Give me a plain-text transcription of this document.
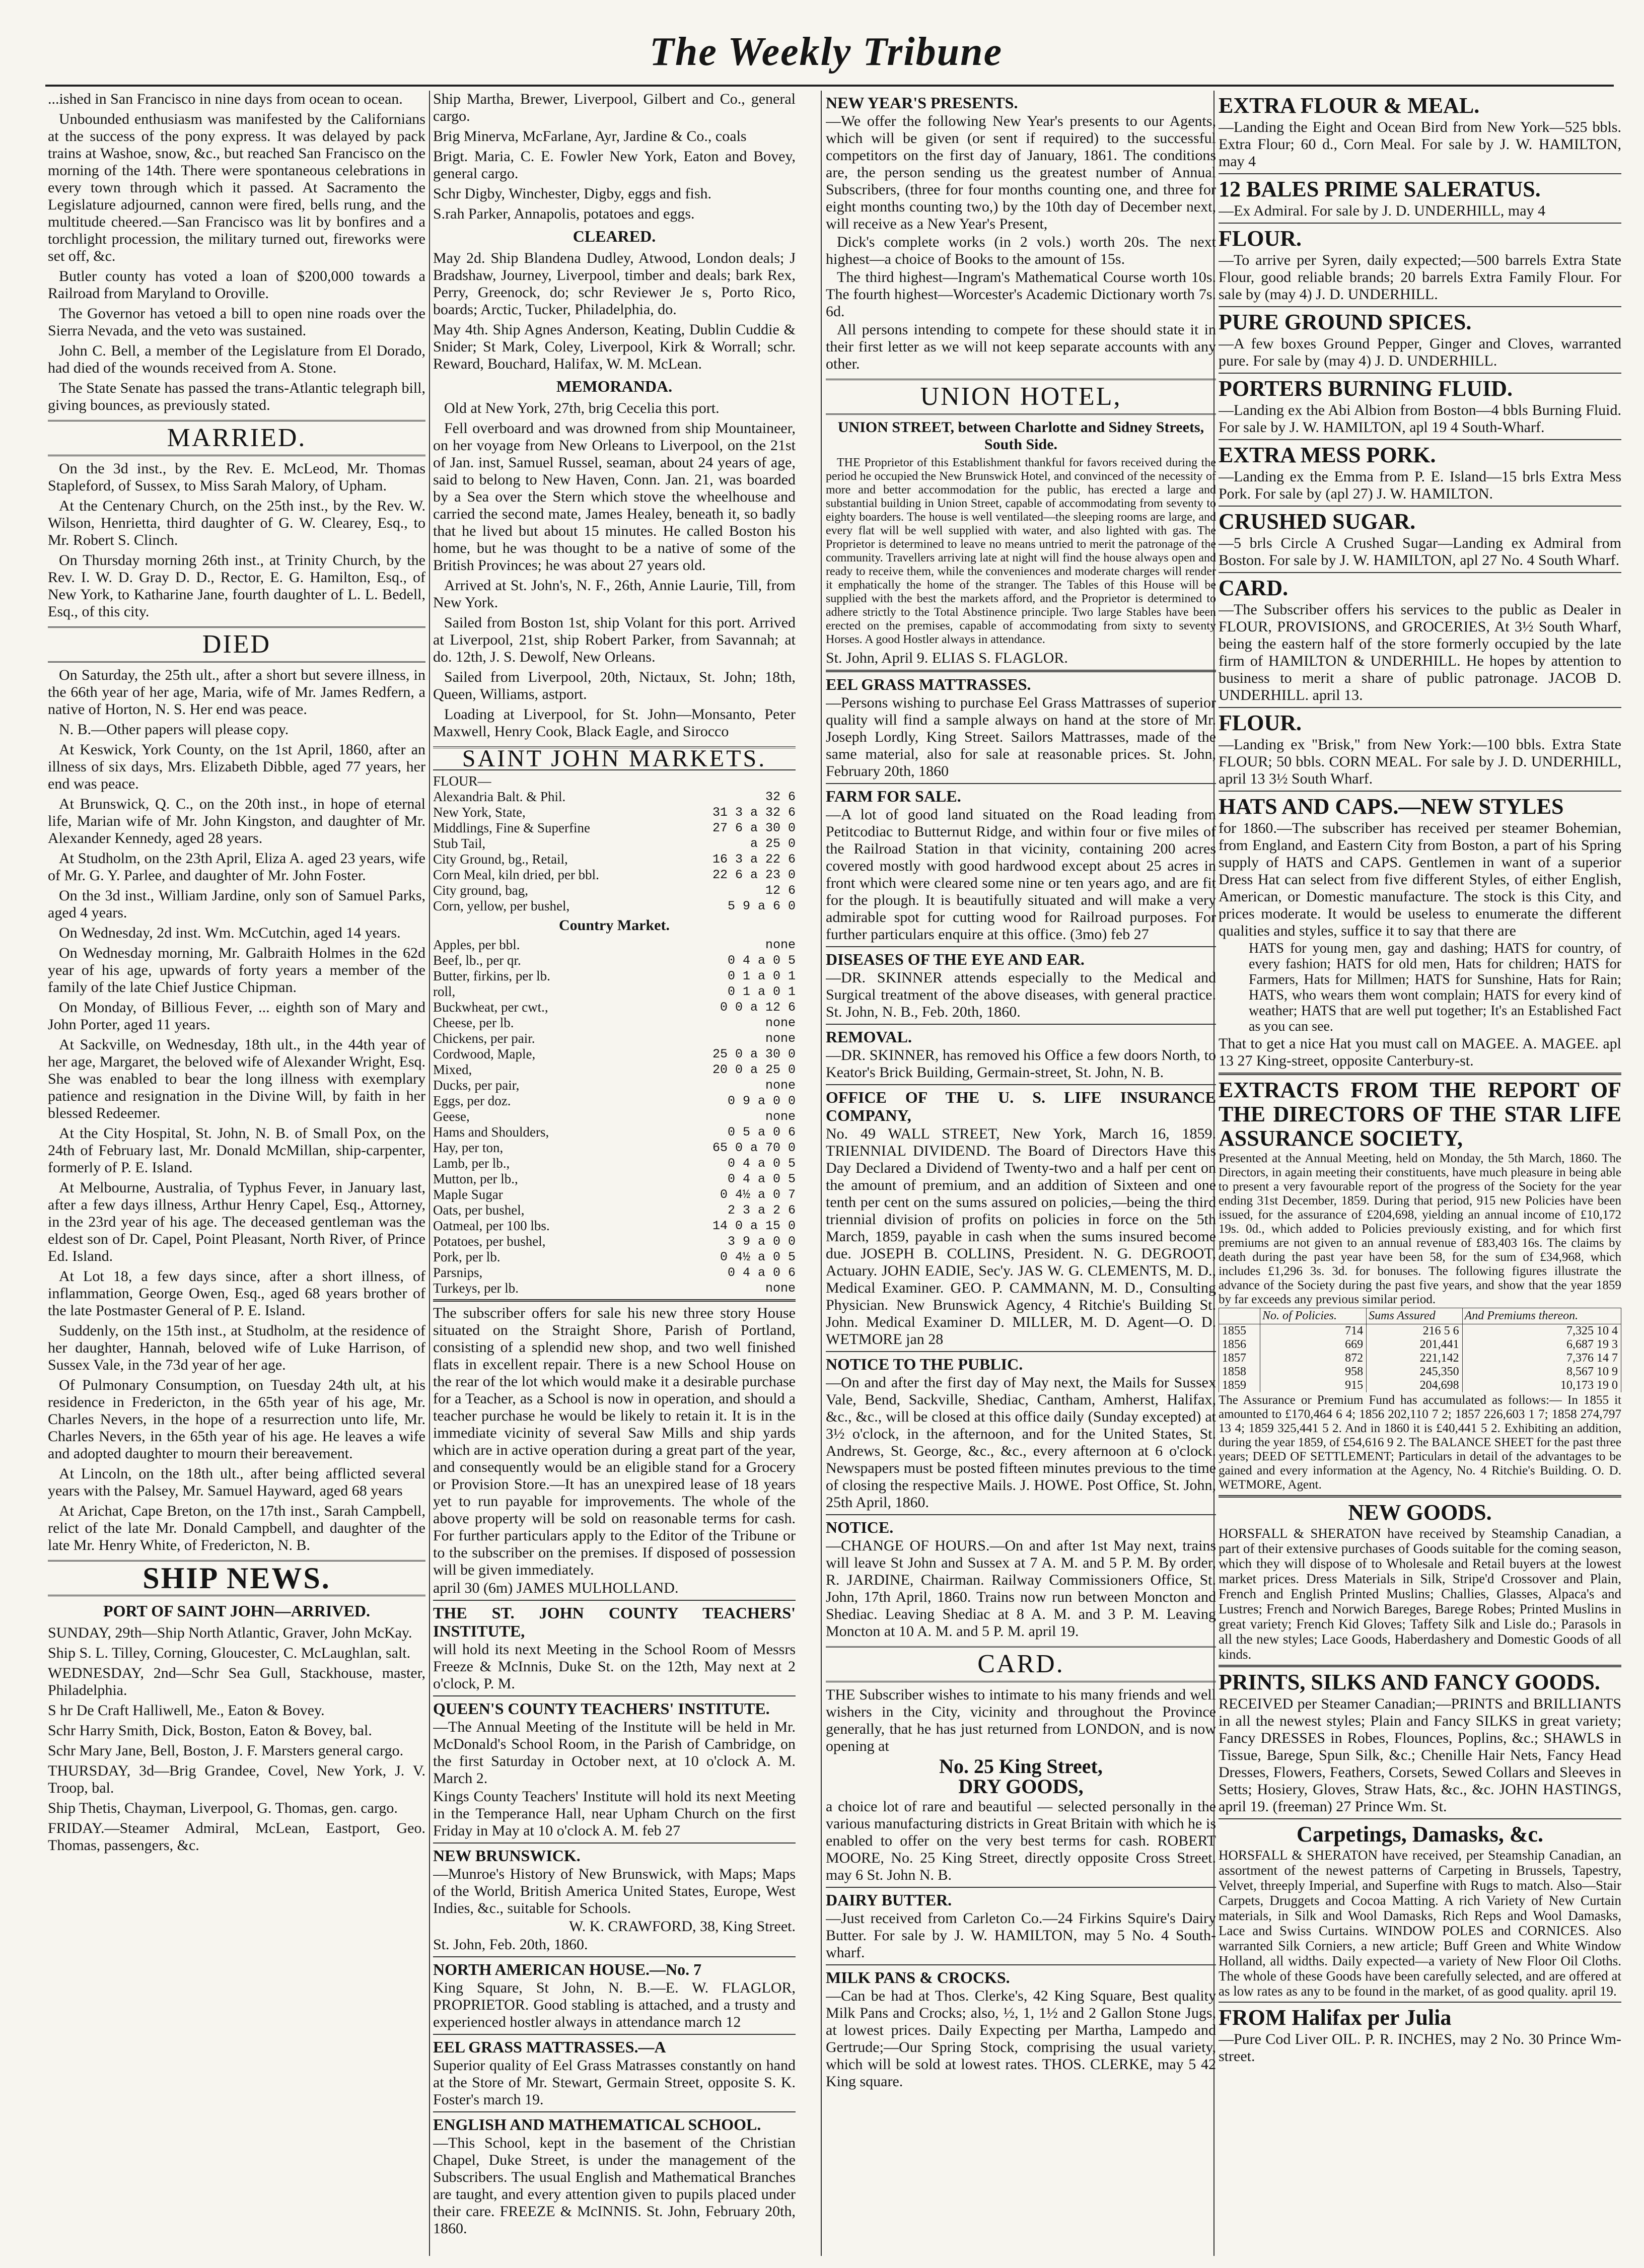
The Weekly Tribune

...ished in San Francisco in nine days from ocean to ocean.

Unbounded enthusiasm was manifested by the Californians at the success of the pony express. It was delayed by pack trains at Washoe, snow, &c., but reached San Francisco on the morning of the 14th. There were spontaneous celebrations in every town through which it passed. At Sacramento the Legislature adjourned, cannon were fired, bells rung, and the multitude cheered.—San Francisco was lit by bonfires and a torchlight procession, the military turned out, fireworks were set off, &c.

Butler county has voted a loan of $200,000 towards a Railroad from Maryland to Oroville.

The Governor has vetoed a bill to open nine roads over the Sierra Nevada, and the veto was sustained.

John C. Bell, a member of the Legislature from El Dorado, had died of the wounds received from A. Stone.

The State Senate has passed the trans-Atlantic telegraph bill, giving bounces, as previously stated.

MARRIED.

On the 3d inst., by the Rev. E. McLeod, Mr. Thomas Stapleford, of Sussex, to Miss Sarah Malory, of Upham.

At the Centenary Church, on the 25th inst., by the Rev. W. Wilson, Henrietta, third daughter of G. W. Clearey, Esq., to Mr. Robert S. Clinch.

On Thursday morning 26th inst., at Trinity Church, by the Rev. I. W. D. Gray D. D., Rector, E. G. Hamilton, Esq., of New York, to Katharine Jane, fourth daughter of L. L. Bedell, Esq., of this city.

DIED

On Saturday, the 25th ult., after a short but severe illness, in the 66th year of her age, Maria, wife of Mr. James Redfern, a native of Horton, N. S. Her end was peace.

N. B.—Other papers will please copy.

At Keswick, York County, on the 1st April, 1860, after an illness of six days, Mrs. Elizabeth Dibble, aged 77 years, her end was peace.

At Brunswick, Q. C., on the 20th inst., in hope of eternal life, Marian wife of Mr. John Kingston, and daughter of Mr. Alexander Kennedy, aged 28 years.

At Studholm, on the 23th April, Eliza A. aged 23 years, wife of Mr. G. Y. Parlee, and daughter of Mr. John Foster.

On the 3d inst., William Jardine, only son of Samuel Parks, aged 4 years.

On Wednesday, 2d inst. Wm. McCutchin, aged 14 years.

On Wednesday morning, Mr. Galbraith Holmes in the 62d year of his age, upwards of forty years a member of the family of the late Chief Justice Chipman.

On Monday, of Billious Fever, ... eighth son of Mary and John Porter, aged 11 years.

At Sackville, on Wednesday, 18th ult., in the 44th year of her age, Margaret, the beloved wife of Alexander Wright, Esq. She was enabled to bear the long illness with exemplary patience and resignation in the Divine Will, by faith in her blessed Redeemer.

At the City Hospital, St. John, N. B. of Small Pox, on the 24th of February last, Mr. Donald McMillan, ship-carpenter, formerly of P. E. Island.

At Melbourne, Australia, of Typhus Fever, in January last, after a few days illness, Arthur Henry Capel, Esq., Attorney, in the 23rd year of his age. The deceased gentleman was the eldest son of Dr. Capel, Point Pleasant, North River, of Prince Ed. Island.

At Lot 18, a few days since, after a short illness, of inflammation, George Owen, Esq., aged 68 years brother of the late Postmaster General of P. E. Island.

Suddenly, on the 15th inst., at Studholm, at the residence of her daughter, Hannah, beloved wife of Luke Harrison, of Sussex Vale, in the 73d year of her age.

Of Pulmonary Consumption, on Tuesday 24th ult, at his residence in Fredericton, in the 65th year of his age, Mr. Charles Nevers, in the hope of a resurrection unto life, Mr. Charles Nevers, in the 65th year of his age. He leaves a wife and adopted daughter to mourn their bereavement.

At Lincoln, on the 18th ult., after being afflicted several years with the Palsey, Mr. Samuel Hayward, aged 68 years

At Arichat, Cape Breton, on the 17th inst., Sarah Campbell, relict of the late Mr. Donald Campbell, and daughter of the late Mr. Henry White, of Fredericton, N. B.

SHIP NEWS.
PORT OF SAINT JOHN—ARRIVED.

SUNDAY, 29th—Ship North Atlantic, Graver, John McKay.

Ship S. L. Tilley, Corning, Gloucester, C. McLaughlan, salt.

WEDNESDAY, 2nd—Schr Sea Gull, Stackhouse, master, Philadelphia.

S hr De Craft Halliwell, Me., Eaton & Bovey.

Schr Harry Smith, Dick, Boston, Eaton & Bovey, bal.

Schr Mary Jane, Bell, Boston, J. F. Marsters general cargo.

THURSDAY, 3d—Brig Grandee, Covel, New York, J. V. Troop, bal.

Ship Thetis, Chayman, Liverpool, G. Thomas, gen. cargo.

FRIDAY.—Steamer Admiral, McLean, Eastport, Geo. Thomas, passengers, &c.

Ship Martha, Brewer, Liverpool, Gilbert and Co., general cargo.

Brig Minerva, McFarlane, Ayr, Jardine & Co., coals

Brigt. Maria, C. E. Fowler New York, Eaton and Bovey, general cargo.

Schr Digby, Winchester, Digby, eggs and fish.

S.rah Parker, Annapolis, potatoes and eggs.

CLEARED.

May 2d. Ship Blandena Dudley, Atwood, London deals; J Bradshaw, Journey, Liverpool, timber and deals; bark Rex, Perry, Greenock, do; schr Reviewer Je s, Porto Rico, boards; Arctic, Tucker, Philadelphia, do.

May 4th. Ship Agnes Anderson, Keating, Dublin Cuddie & Snider; St Mark, Coley, Liverpool, Kirk & Worrall; schr. Reward, Bouchard, Halifax, W. M. McLean.

MEMORANDA.

Old at New York, 27th, brig Cecelia this port.

Fell overboard and was drowned from ship Mountaineer, on her voyage from New Orleans to Liverpool, on the 21st of Jan. inst, Samuel Russel, seaman, about 24 years of age, said to belong to New Haven, Conn. Jan. 21, was boarded by a Sea over the Stern which stove the wheelhouse and carried the second mate, James Healey, beneath it, so badly that he lived but about 15 minutes. He called Boston his home, but he was thought to be a native of some of the British Provinces; he was about 27 years old.

Arrived at St. John's, N. F., 26th, Annie Laurie, Till, from New York.

Sailed from Boston 1st, ship Volant for this port. Arrived at Liverpool, 21st, ship Robert Parker, from Savannah; at do. 12th, J. S. Dewolf, New Orleans.

Sailed from Liverpool, 20th, Nictaux, St. John; 18th, Queen, Williams, astport.

Loading at Liverpool, for St. John—Monsanto, Peter Maxwell, Henry Cook, Black Eagle, and Sirocco

SAINT JOHN MARKETS.
FLOUR—
Alexandria Balt. & Phil.	32 6
New York, State,	31 3 a 32 6
Middlings, Fine & Superfine	27 6 a 30 0
Stub Tail,	a 25 0
City Ground, bg., Retail,	16 3 a 22 6
Corn Meal, kiln dried, per bbl.	22 6 a 23 0
City ground, bag,	12 6
Corn, yellow, per bushel,	5 9 a 6 0
Country Market.
Apples, per bbl.	none
Beef, lb., per qr.	0 4 a 0 5
Butter, firkins, per lb.	0 1 a 0 1
roll,	0 1 a 0 1
Buckwheat, per cwt.,	0 0 a 12 6
Cheese, per lb.	none
Chickens, per pair.	none
Cordwood, Maple,	25 0 a 30 0
Mixed,	20 0 a 25 0
Ducks, per pair,	none
Eggs, per doz.	0 9 a 0 0
Geese,	none
Hams and Shoulders,	0 5 a 0 6
Hay, per ton,	65 0 a 70 0
Lamb, per lb.,	0 4 a 0 5
Mutton, per lb.,	0 4 a 0 5
Maple Sugar	0 4½ a 0 7
Oats, per bushel,	2 3 a 2 6
Oatmeal, per 100 lbs.	14 0 a 15 0
Potatoes, per bushel,	3 9 a 0 0
Pork, per lb.	0 4½ a 0 5
Parsnips,	0 4 a 0 6
Turkeys, per lb.	none

The subscriber offers for sale his new three story House situated on the Straight Shore, Parish of Portland, consisting of a splendid new shop, and two well finished flats in excellent repair. There is a new School House on the rear of the lot which would make it a desirable purchase for a Teacher, as a School is now in operation, and should a teacher purchase he would be likely to retain it. It is in the immediate vicinity of several Saw Mills and ship yards which are in active operation during a great part of the year, and consequently would be an eligible stand for a Grocery or Provision Store.—It has an unexpired lease of 18 years yet to run payable for improvements. The whole of the above property will be sold on reasonable terms for cash. For further particulars apply to the Editor of the Tribune or to the subscriber on the premises. If disposed of possession will be given immediately.

april 30 (6m) JAMES MULHOLLAND.

THE ST. JOHN COUNTY TEACHERS' INSTITUTE,

will hold its next Meeting in the School Room of Messrs Freeze & McInnis, Duke St. on the 12th, May next at 2 o'clock, P. M.

QUEEN'S COUNTY TEACHERS' INSTITUTE.

—The Annual Meeting of the Institute will be held in Mr. McDonald's School Room, in the Parish of Cambridge, on the first Saturday in October next, at 10 o'clock A. M. March 2.

Kings County Teachers' Institute will hold its next Meeting in the Temperance Hall, near Upham Church on the first Friday in May at 10 o'clock A. M. feb 27

NEW BRUNSWICK.

—Munroe's History of New Brunswick, with Maps; Maps of the World, British America United States, Europe, West Indies, &c., suitable for Schools.

W. K. CRAWFORD, 38, King Street.

St. John, Feb. 20th, 1860.

NORTH AMERICAN HOUSE.—No. 7

King Square, St John, N. B.—E. W. FLAGLOR, PROPRIETOR. Good stabling is attached, and a trusty and experienced hostler always in attendance march 12

EEL GRASS MATTRASSES.—A

Superior quality of Eel Grass Matrasses constantly on hand at the Store of Mr. Stewart, Germain Street, opposite S. K. Foster's march 19.

ENGLISH AND MATHEMATICAL SCHOOL.

—This School, kept in the basement of the Christian Chapel, Duke Street, is under the management of the Subscribers. The usual English and Mathematical Branches are taught, and every attention given to pupils placed under their care. FREEZE & McINNIS. St. John, February 20th, 1860.

NEW YEAR'S PRESENTS.

—We offer the following New Year's presents to our Agents, which will be given (or sent if required) to the successful competitors on the first day of January, 1861. The conditions are, the person sending us the greatest number of Annual Subscribers, (three for four months counting one, and three for eight months counting two,) by the 10th day of December next, will receive as a New Year's Present,

Dick's complete works (in 2 vols.) worth 20s. The next highest—a choice of Books to the amount of 15s.

The third highest—Ingram's Mathematical Course worth 10s. The fourth highest—Worcester's Academic Dictionary worth 7s. 6d.

All persons intending to compete for these should state it in their first letter as we will not keep separate accounts with any other.

UNION HOTEL,
UNION STREET, between Charlotte and Sidney Streets, South Side.

THE Proprietor of this Establishment thankful for favors received during the period he occupied the New Brunswick Hotel, and convinced of the necessity of more and better accommodation for the public, has erected a large and substantial building in Union Street, capable of accommodating from seventy to eighty boarders. The house is well ventilated—the sleeping rooms are large, and every flat will be well supplied with water, and also lighted with gas. The Proprietor is determined to leave no means untried to merit the patronage of the community. Travellers arriving late at night will find the house always open and ready to receive them, while the conveniences and moderate charges will render it emphatically the home of the stranger. The Tables of this House will be supplied with the best the markets afford, and the Proprietor is determined to adhere strictly to the Total Abstinence principle. Two large Stables have been erected on the premises, capable of accommodating from sixty to seventy Horses. A good Hostler always in attendance.

St. John, April 9. ELIAS S. FLAGLOR.

EEL GRASS MATTRASSES.

—Persons wishing to purchase Eel Grass Mattrasses of superior quality will find a sample always on hand at the store of Mr. Joseph Lordly, King Street. Sailors Mattrasses, made of the same material, also for sale at reasonable prices. St. John, February 20th, 1860

FARM FOR SALE.

—A lot of good land situated on the Road leading from Petitcodiac to Butternut Ridge, and within four or five miles of the Railroad Station in that vicinity, containing 200 acres covered mostly with good hardwood except about 25 acres in front which were cleared some nine or ten years ago, and are fit for the plough. It is beautifully situated and will make a very admirable spot for cutting wood for Railroad purposes. For further particulars enquire at this office. (3mo) feb 27

DISEASES OF THE EYE AND EAR.

—DR. SKINNER attends especially to the Medical and Surgical treatment of the above diseases, with general practice. St. John, N. B., Feb. 20th, 1860.

REMOVAL.

—DR. SKINNER, has removed his Office a few doors North, to Keator's Brick Building, Germain-street, St. John, N. B.

OFFICE OF THE U. S. LIFE INSURANCE COMPANY,

No. 49 WALL STREET, New York, March 16, 1859. TRIENNIAL DIVIDEND. The Board of Directors Have this Day Declared a Dividend of Twenty-two and a half per cent on the amount of premium, and an addition of Sixteen and one tenth per cent on the sums assured on policies,—being the third triennial division of profits on policies in force on the 5th March, 1859, payable in cash when the sums insured become due. JOSEPH B. COLLINS, President. N. G. DEGROOT, Actuary. JOHN EADIE, Sec'y. JAS W. G. CLEMENTS, M. D., Medical Examiner. GEO. P. CAMMANN, M. D., Consulting Physician. New Brunswick Agency, 4 Ritchie's Building St. John. Medical Examiner D. MILLER, M. D. Agent—O. D. WETMORE jan 28

NOTICE TO THE PUBLIC.

—On and after the first day of May next, the Mails for Sussex Vale, Bend, Sackville, Shediac, Cantham, Amherst, Halifax, &c., &c., will be closed at this office daily (Sunday excepted) at 3½ o'clock, in the afternoon, and for the United States, St. Andrews, St. George, &c., &c., every afternoon at 6 o'clock. Newspapers must be posted fifteen minutes previous to the time of closing the respective Mails. J. HOWE. Post Office, St. John, 25th April, 1860.

NOTICE.

—CHANGE OF HOURS.—On and after 1st May next, trains will leave St John and Sussex at 7 A. M. and 5 P. M. By order, R. JARDINE, Chairman. Railway Commissioners Office, St. John, 17th April, 1860. Trains now run between Moncton and Shediac. Leaving Shediac at 8 A. M. and 3 P. M. Leaving Moncton at 10 A. M. and 5 P. M. april 19.

CARD.

THE Subscriber wishes to intimate to his many friends and well wishers in the City, vicinity and throughout the Province generally, that he has just returned from LONDON, and is now opening at

No. 25 King Street,
DRY GOODS,

a choice lot of rare and beautiful — selected personally in the various manufacturing districts in Great Britain with which he is enabled to offer on the very best terms for cash. ROBERT MOORE, No. 25 King Street, directly opposite Cross Street. may 6 St. John N. B.

DAIRY BUTTER.

—Just received from Carleton Co.—24 Firkins Squire's Dairy Butter. For sale by J. W. HAMILTON, may 5 No. 4 South-wharf.

MILK PANS & CROCKS.

—Can be had at Thos. Clerke's, 42 King Square, Best quality Milk Pans and Crocks; also, ½, 1, 1½ and 2 Gallon Stone Jugs, at lowest prices. Daily Expecting per Martha, Lampedo and Gertrude;—Our Spring Stock, comprising the usual variety, which will be sold at lowest rates. THOS. CLERKE, may 5 42 King square.

EXTRA FLOUR & MEAL.

—Landing the Eight and Ocean Bird from New York—525 bbls. Extra Flour; 60 d., Corn Meal. For sale by J. W. HAMILTON, may 4

12 BALES PRIME SALERATUS.

—Ex Admiral. For sale by J. D. UNDERHILL, may 4

FLOUR.

—To arrive per Syren, daily expected;—500 barrels Extra State Flour, good reliable brands; 20 barrels Extra Family Flour. For sale by (may 4) J. D. UNDERHILL.

PURE GROUND SPICES.

—A few boxes Ground Pepper, Ginger and Cloves, warranted pure. For sale by (may 4) J. D. UNDERHILL.

PORTERS BURNING FLUID.

—Landing ex the Abi Albion from Boston—4 bbls Burning Fluid. For sale by J. W. HAMILTON, apl 19 4 South-Wharf.

EXTRA MESS PORK.

—Landing ex the Emma from P. E. Island—15 brls Extra Mess Pork. For sale by (apl 27) J. W. HAMILTON.

CRUSHED SUGAR.

—5 brls Circle A Crushed Sugar—Landing ex Admiral from Boston. For sale by J. W. HAMILTON, apl 27 No. 4 South Wharf.

CARD.

—The Subscriber offers his services to the public as Dealer in FLOUR, PROVISIONS, and GROCERIES, At 3½ South Wharf, being the eastern half of the store formerly occupied by the late firm of HAMILTON & UNDERHILL. He hopes by attention to business to merit a share of public patronage. JACOB D. UNDERHILL. april 13.

FLOUR.

—Landing ex "Brisk," from New York:—100 bbls. Extra State FLOUR; 50 bbls. CORN MEAL. For sale by J. D. UNDERHILL, april 13 3½ South Wharf.

HATS AND CAPS.—NEW STYLES

for 1860.—The subscriber has received per steamer Bohemian, from England, and Eastern City from Boston, a part of his Spring supply of HATS and CAPS. Gentlemen in want of a superior Dress Hat can select from five different Styles, of either English, American, or Domestic manufacture. The stock is this City, and prices moderate. It would be useless to enumerate the different qualities and styles, suffice it to say that there are

HATS for young men, gay and dashing; HATS for country, of every fashion; HATS for old men, Hats for children; HATS for Farmers, Hats for Millmen; HATS for Sunshine, Hats for Rain; HATS, who wears them wont complain; HATS for every kind of weather; HATS that are well put together; It's an Established Fact as you can see.

That to get a nice Hat you must call on MAGEE. A. MAGEE. apl 13 27 King-street, opposite Canterbury-st.

EXTRACTS FROM THE REPORT OF THE DIRECTORS OF THE STAR LIFE ASSURANCE SOCIETY,

Presented at the Annual Meeting, held on Monday, the 5th March, 1860. The Directors, in again meeting their constituents, have much pleasure in being able to present a very favourable report of the progress of the Society for the year ending 31st December, 1859. During that period, 915 new Policies have been issued, for the assurance of £204,698, yielding an annual income of £10,172 19s. 0d., which added to Policies previously existing, and for which first premiums are not given to an annual revenue of £83,403 16s. The claims by death during the past year have been 58, for the sum of £34,968, which includes £1,296 3s. 3d. for bonuses. The following figures illustrate the advance of the Society during the past five years, and show that the year 1859 by far exceeds any previous similar period.

	No. of Policies.	Sums Assured	And Premiums thereon.
1855	714	216 5 6	7,325 10 4
1856	669	201,441	6,687 19 3
1857	872	221,142	7,376 14 7
1858	958	245,350	8,567 10 9
1859	915	204,698	10,173 19 0

The Assurance or Premium Fund has accumulated as follows:— In 1855 it amounted to £170,464 6 4; 1856 202,110 7 2; 1857 226,603 1 7; 1858 274,797 13 4; 1859 325,441 5 2. And in 1860 it is £40,441 5 2. Exhibiting an addition, during the year 1859, of £54,616 9 2. The BALANCE SHEET for the past three years; DEED OF SETTLEMENT; Particulars in detail of the advantages to be gained and every information at the Agency, No. 4 Ritchie's Building. O. D. WETMORE, Agent.

NEW GOODS.

HORSFALL & SHERATON have received by Steamship Canadian, a part of their extensive purchases of Goods suitable for the coming season, which they will dispose of to Wholesale and Retail buyers at the lowest market prices. Dress Materials in Silk, Stripe'd Crossover and Plain, French and English Printed Muslins; Challies, Glasses, Alpaca's and Lustres; French and Norwich Bareges, Barege Robes; Printed Muslins in great variety; French Kid Gloves; Taffety Silk and Lisle do.; Parasols in all the new styles; Lace Goods, Haberdashery and Domestic Goods of all kinds.

PRINTS, SILKS AND FANCY GOODS.

RECEIVED per Steamer Canadian;—PRINTS and BRILLIANTS in all the newest styles; Plain and Fancy SILKS in great variety; Fancy DRESSES in Robes, Flounces, Poplins, &c.; SHAWLS in Tissue, Barege, Spun Silk, &c.; Chenille Hair Nets, Fancy Head Dresses, Flowers, Feathers, Corsets, Sewed Collars and Sleeves in Setts; Hosiery, Gloves, Straw Hats, &c., &c. JOHN HASTINGS, april 19. (freeman) 27 Prince Wm. St.

Carpetings, Damasks, &c.

HORSFALL & SHERATON have received, per Steamship Canadian, an assortment of the newest patterns of Carpeting in Brussels, Tapestry, Velvet, threeply Imperial, and Superfine with Rugs to match. Also—Stair Carpets, Druggets and Cocoa Matting. A rich Variety of New Curtain materials, in Silk and Wool Damasks, Rich Reps and Wool Damasks, Lace and Swiss Curtains. WINDOW POLES and CORNICES. Also warranted Silk Corniers, a new article; Buff Green and White Window Holland, all widths. Daily expected—a variety of New Floor Oil Cloths. The whole of these Goods have been carefully selected, and are offered at as low rates as any to be found in the market, of as good quality. april 19.

FROM Halifax per Julia

—Pure Cod Liver OIL. P. R. INCHES, may 2 No. 30 Prince Wm-street.
